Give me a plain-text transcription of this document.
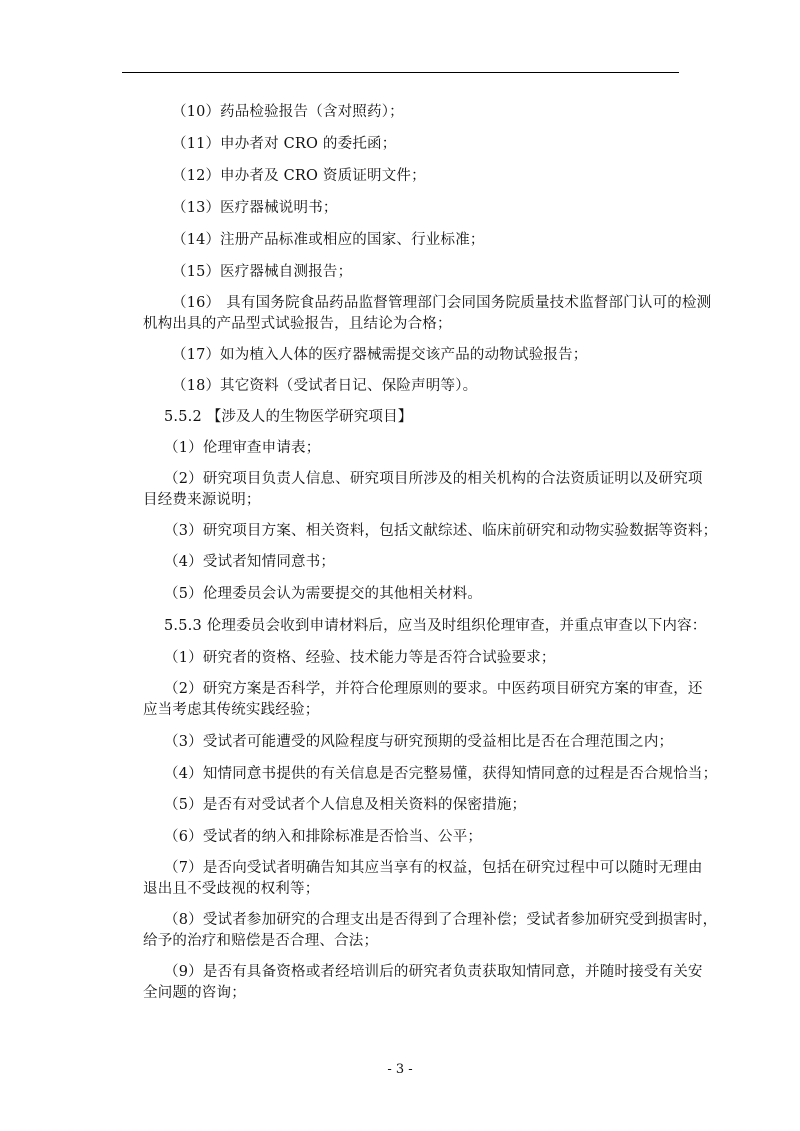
（10）药品检验报告（含对照药）；
（11）申办者对 CRO 的委托函；
（12）申办者及 CRO 资质证明文件；
（13）医疗器械说明书；
（14）注册产品标准或相应的国家、行业标准；
（15）医疗器械自测报告；
（16） 具有国务院食品药品监督管理部门会同国务院质量技术监督部门认可的检测
机构出具的产品型式试验报告，且结论为合格；
（17）如为植入人体的医疗器械需提交该产品的动物试验报告；
（18）其它资料（受试者日记、保险声明等）。
5.5.2 【涉及人的生物医学研究项目】
（1）伦理审查申请表；
（2）研究项目负责人信息、研究项目所涉及的相关机构的合法资质证明以及研究项
目经费来源说明；
（3）研究项目方案、相关资料，包括文献综述、临床前研究和动物实验数据等资料；
（4）受试者知情同意书；
（5）伦理委员会认为需要提交的其他相关材料。
5.5.3 伦理委员会收到申请材料后，应当及时组织伦理审查，并重点审查以下内容：
（1）研究者的资格、经验、技术能力等是否符合试验要求；
（2）研究方案是否科学，并符合伦理原则的要求。中医药项目研究方案的审查，还
应当考虑其传统实践经验；
（3）受试者可能遭受的风险程度与研究预期的受益相比是否在合理范围之内；
（4）知情同意书提供的有关信息是否完整易懂，获得知情同意的过程是否合规恰当；
（5）是否有对受试者个人信息及相关资料的保密措施；
（6）受试者的纳入和排除标准是否恰当、公平；
（7）是否向受试者明确告知其应当享有的权益，包括在研究过程中可以随时无理由
退出且不受歧视的权利等；
（8）受试者参加研究的合理支出是否得到了合理补偿；受试者参加研究受到损害时，
给予的治疗和赔偿是否合理、合法；
（9）是否有具备资格或者经培训后的研究者负责获取知情同意，并随时接受有关安
全问题的咨询；
- 3 -
